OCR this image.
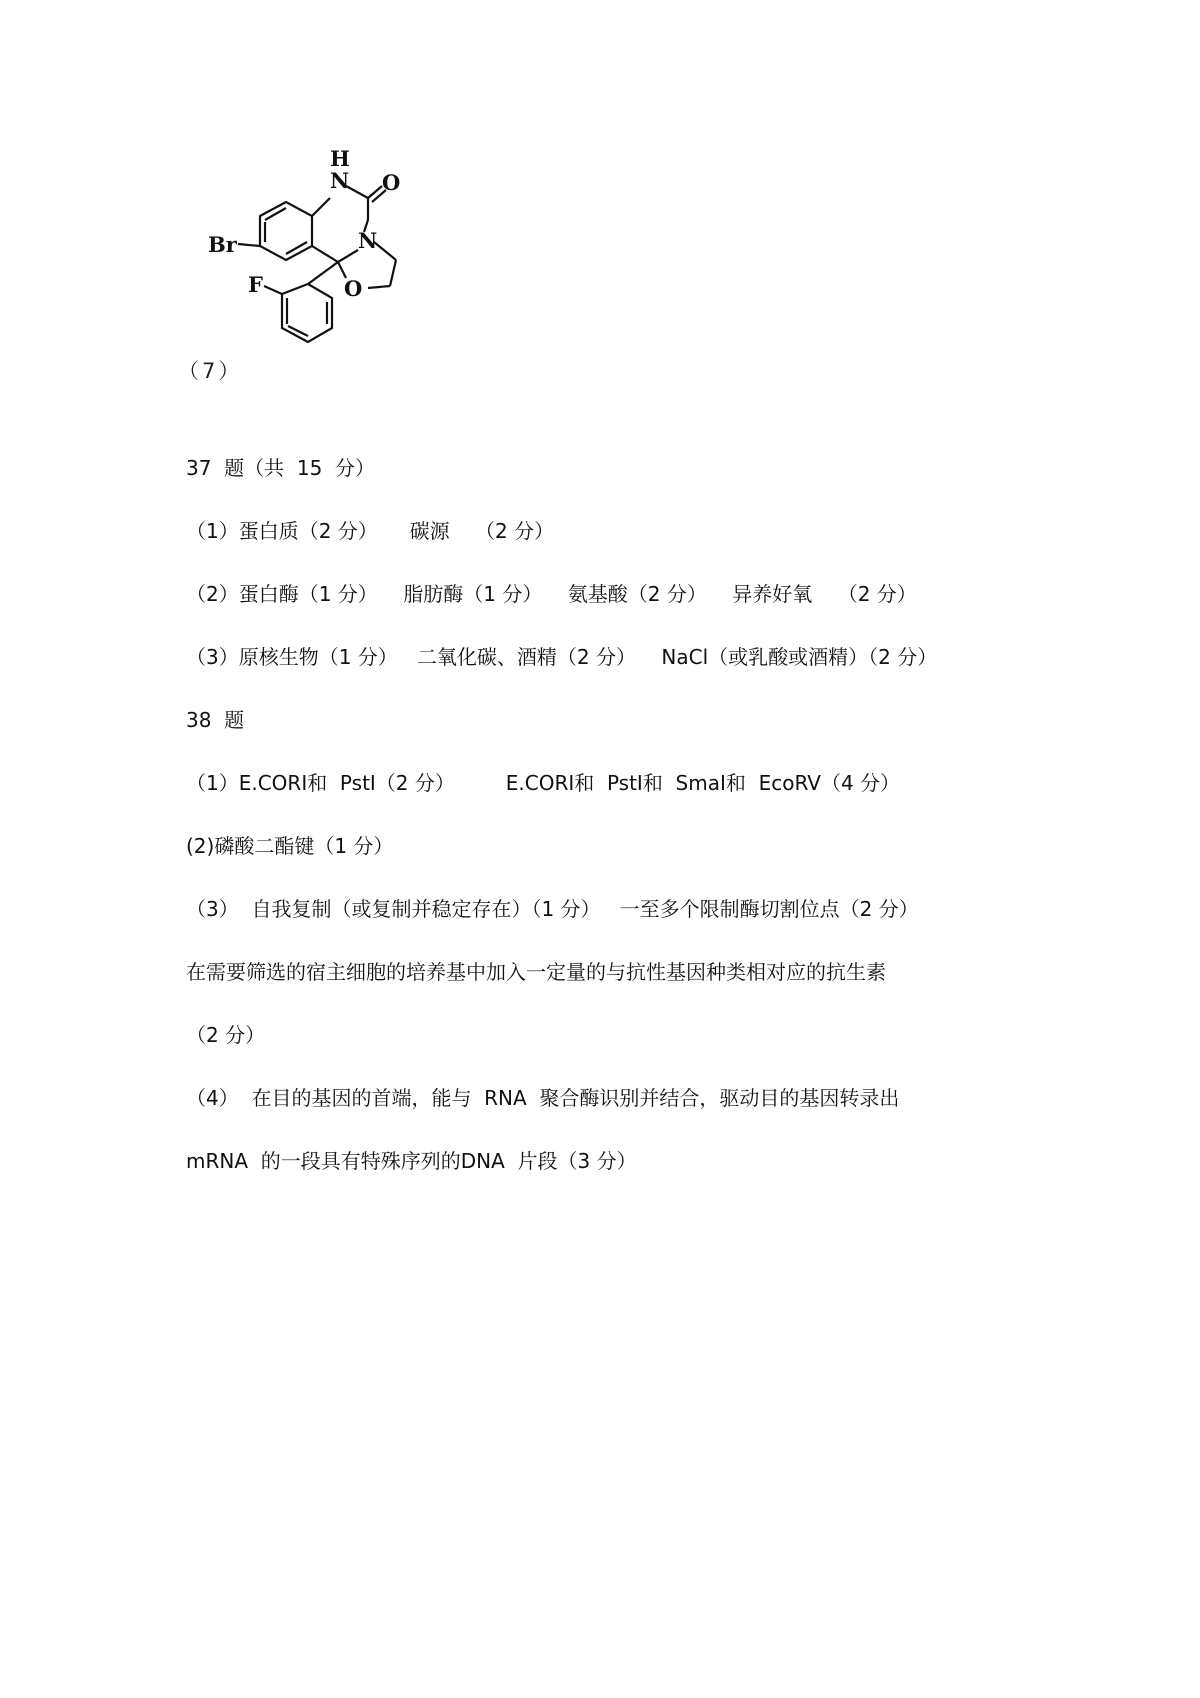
H
N O
N
Br
O
F
（7）
37  题（共  15  分）
（1）蛋白质（2 分）     碳源    （2 分）
（2）蛋白酶（1 分）    脂肪酶（1 分）    氨基酸（2 分）    异养好氧    （2 分）
（3）原核生物（1 分）   二氧化碳、酒精（2 分）    NaCl（或乳酸或酒精）（2 分）
38  题
（1）E.CORI和  PstI（2 分）        E.CORI和  PstI和  SmaI和  EcoRV（4 分）
(2)磷酸二酯键（1 分）
（3）  自我复制（或复制并稳定存在）（1 分）   一至多个限制酶切割位点（2 分）
在需要筛选的宿主细胞的培养基中加入一定量的与抗性基因种类相对应的抗生素
（2 分）
（4）  在目的基因的首端，能与  RNA  聚合酶识别并结合，驱动目的基因转录出
mRNA  的一段具有特殊序列的DNA  片段（3 分）
